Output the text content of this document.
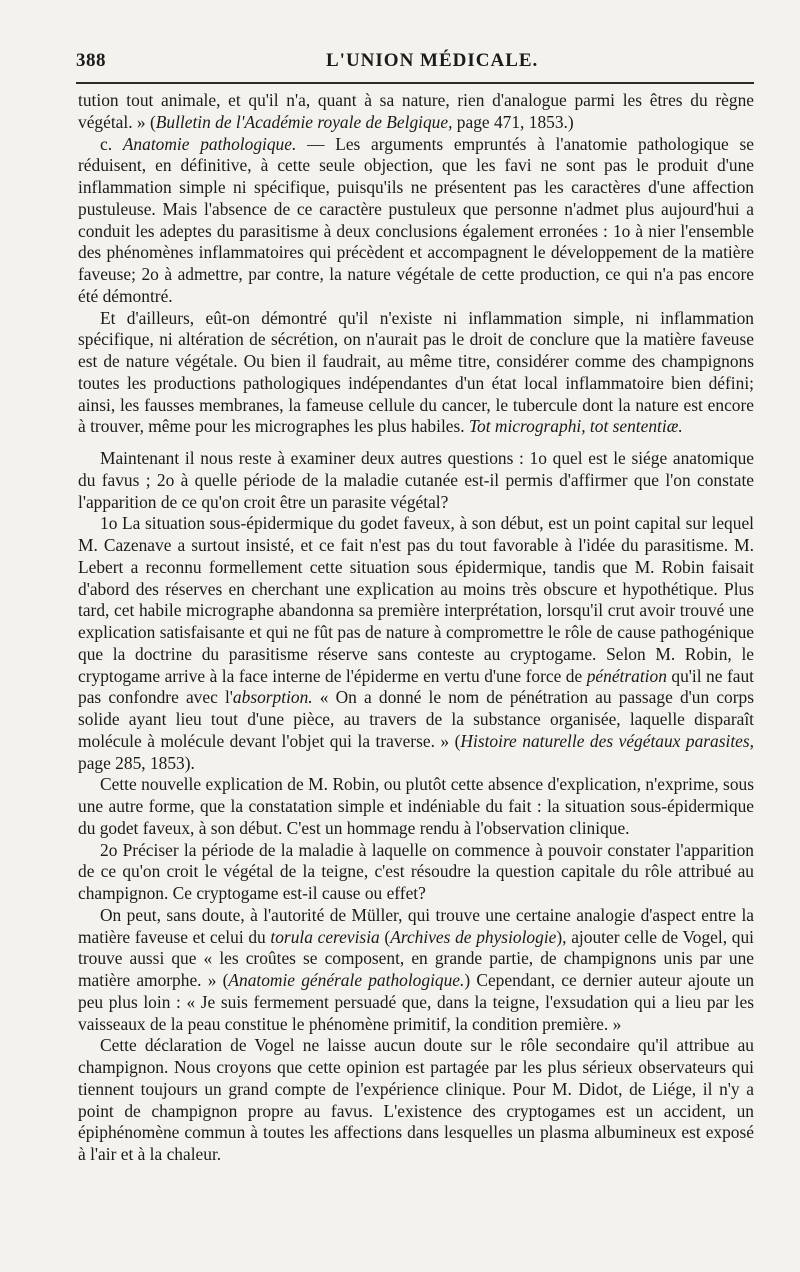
388	L'UNION MÉDICALE.

tution tout animale, et qu'il n'a, quant à sa nature, rien d'analogue parmi les êtres du règne végétal. » (Bulletin de l'Académie royale de Belgique, page 471, 1853.)

c. Anatomie pathologique. — Les arguments empruntés à l'anatomie pathologique se réduisent, en définitive, à cette seule objection, que les favi ne sont pas le produit d'une inflammation simple ni spécifique, puisqu'ils ne présentent pas les caractères d'une affection pustuleuse. Mais l'absence de ce caractère pustuleux que personne n'admet plus aujourd'hui a conduit les adeptes du parasitisme à deux conclusions également erronées : 1o à nier l'ensemble des phénomènes inflammatoires qui précèdent et accompagnent le développement de la matière faveuse; 2o à admettre, par contre, la nature végétale de cette production, ce qui n'a pas encore été démontré.

Et d'ailleurs, eût-on démontré qu'il n'existe ni inflammation simple, ni inflammation spécifique, ni altération de sécrétion, on n'aurait pas le droit de conclure que la matière faveuse est de nature végétale. Ou bien il faudrait, au même titre, considérer comme des champignons toutes les productions pathologiques indépendantes d'un état local inflammatoire bien défini; ainsi, les fausses membranes, la fameuse cellule du cancer, le tubercule dont la nature est encore à trouver, même pour les micrographes les plus habiles. Tot micrographi, tot sententiæ.

Maintenant il nous reste à examiner deux autres questions : 1o quel est le siége anatomique du favus ; 2o à quelle période de la maladie cutanée est-il permis d'affirmer que l'on constate l'apparition de ce qu'on croit être un parasite végétal?

1o La situation sous-épidermique du godet faveux, à son début, est un point capital sur lequel M. Cazenave a surtout insisté, et ce fait n'est pas du tout favorable à l'idée du parasitisme. M. Lebert a reconnu formellement cette situation sous épidermique, tandis que M. Robin faisait d'abord des réserves en cherchant une explication au moins très obscure et hypothétique. Plus tard, cet habile micrographe abandonna sa première interprétation, lorsqu'il crut avoir trouvé une explication satisfaisante et qui ne fût pas de nature à compromettre le rôle de cause pathogénique que la doctrine du parasitisme réserve sans conteste au cryptogame. Selon M. Robin, le cryptogame arrive à la face interne de l'épiderme en vertu d'une force de pénétration qu'il ne faut pas confondre avec l'absorption. « On a donné le nom de pénétration au passage d'un corps solide ayant lieu tout d'une pièce, au travers de la substance organisée, laquelle disparaît molécule à molécule devant l'objet qui la traverse. » (Histoire naturelle des végétaux parasites, page 285, 1853).

Cette nouvelle explication de M. Robin, ou plutôt cette absence d'explication, n'exprime, sous une autre forme, que la constatation simple et indéniable du fait : la situation sous-épidermique du godet faveux, à son début. C'est un hommage rendu à l'observation clinique.

2o Préciser la période de la maladie à laquelle on commence à pouvoir constater l'apparition de ce qu'on croit le végétal de la teigne, c'est résoudre la question capitale du rôle attribué au champignon. Ce cryptogame est-il cause ou effet?

On peut, sans doute, à l'autorité de Müller, qui trouve une certaine analogie d'aspect entre la matière faveuse et celui du torula cerevisia (Archives de physiologie), ajouter celle de Vogel, qui trouve aussi que « les croûtes se composent, en grande partie, de champignons unis par une matière amorphe. » (Anatomie générale pathologique.) Cependant, ce dernier auteur ajoute un peu plus loin : « Je suis fermement persuadé que, dans la teigne, l'exsudation qui a lieu par les vaisseaux de la peau constitue le phénomène primitif, la condition première. »

Cette déclaration de Vogel ne laisse aucun doute sur le rôle secondaire qu'il attribue au champignon. Nous croyons que cette opinion est partagée par les plus sérieux observateurs qui tiennent toujours un grand compte de l'expérience clinique. Pour M. Didot, de Liége, il n'y a point de champignon propre au favus. L'existence des cryptogames est un accident, un épiphénomène commun à toutes les affections dans lesquelles un plasma albumineux est exposé à l'air et à la chaleur.
